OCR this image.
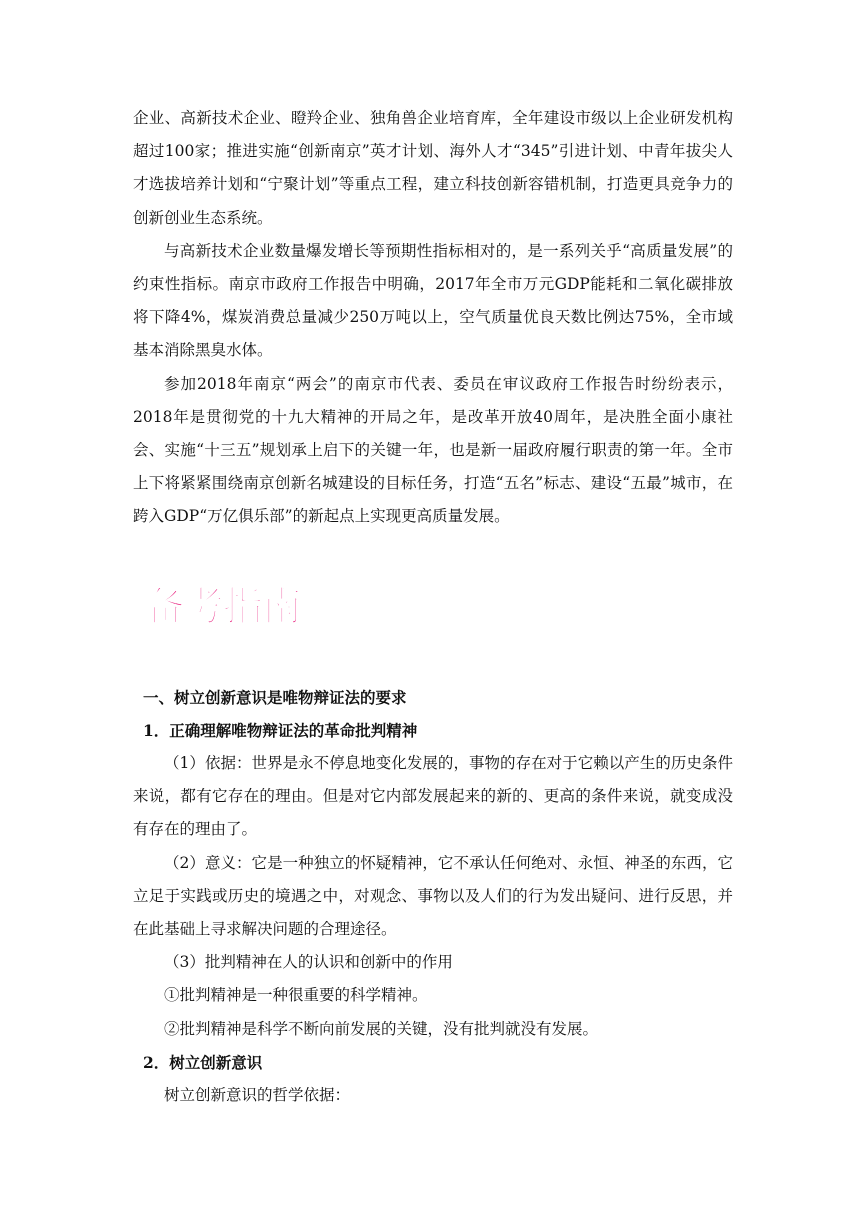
企业、高新技术企业、瞪羚企业、独角兽企业培育库，全年建设市级以上企业研发机构超过100家；推进实施“创新南京”英才计划、海外人才“345”引进计划、中青年拔尖人才选拔培养计划和“宁聚计划”等重点工程，建立科技创新容错机制，打造更具竞争力的创新创业生态系统。

与高新技术企业数量爆发增长等预期性指标相对的，是一系列关乎“高质量发展”的约束性指标。南京市政府工作报告中明确，2017年全市万元GDP能耗和二氧化碳排放将下降4%，煤炭消费总量减少250万吨以上，空气质量优良天数比例达75%，全市域基本消除黑臭水体。

参加2018年南京“两会”的南京市代表、委员在审议政府工作报告时纷纷表示，2018年是贯彻党的十九大精神的开局之年，是改革开放40周年，是决胜全面小康社会、实施“十三五”规划承上启下的关键一年，也是新一届政府履行职责的第一年。全市上下将紧紧围绕南京创新名城建设的目标任务，打造“五名”标志、建设“五最”城市，在跨入GDP“万亿俱乐部”的新起点上实现更高质量发展。

备考指南

一、树立创新意识是唯物辩证法的要求

1．正确理解唯物辩证法的革命批判精神

（1）依据：世界是永不停息地变化发展的，事物的存在对于它赖以产生的历史条件来说，都有它存在的理由。但是对它内部发展起来的新的、更高的条件来说，就变成没有存在的理由了。

（2）意义：它是一种独立的怀疑精神，它不承认任何绝对、永恒、神圣的东西，它立足于实践或历史的境遇之中，对观念、事物以及人们的行为发出疑问、进行反思，并在此基础上寻求解决问题的合理途径。

（3）批判精神在人的认识和创新中的作用

①批判精神是一种很重要的科学精神。

②批判精神是科学不断向前发展的关键，没有批判就没有发展。

2．树立创新意识

树立创新意识的哲学依据：
